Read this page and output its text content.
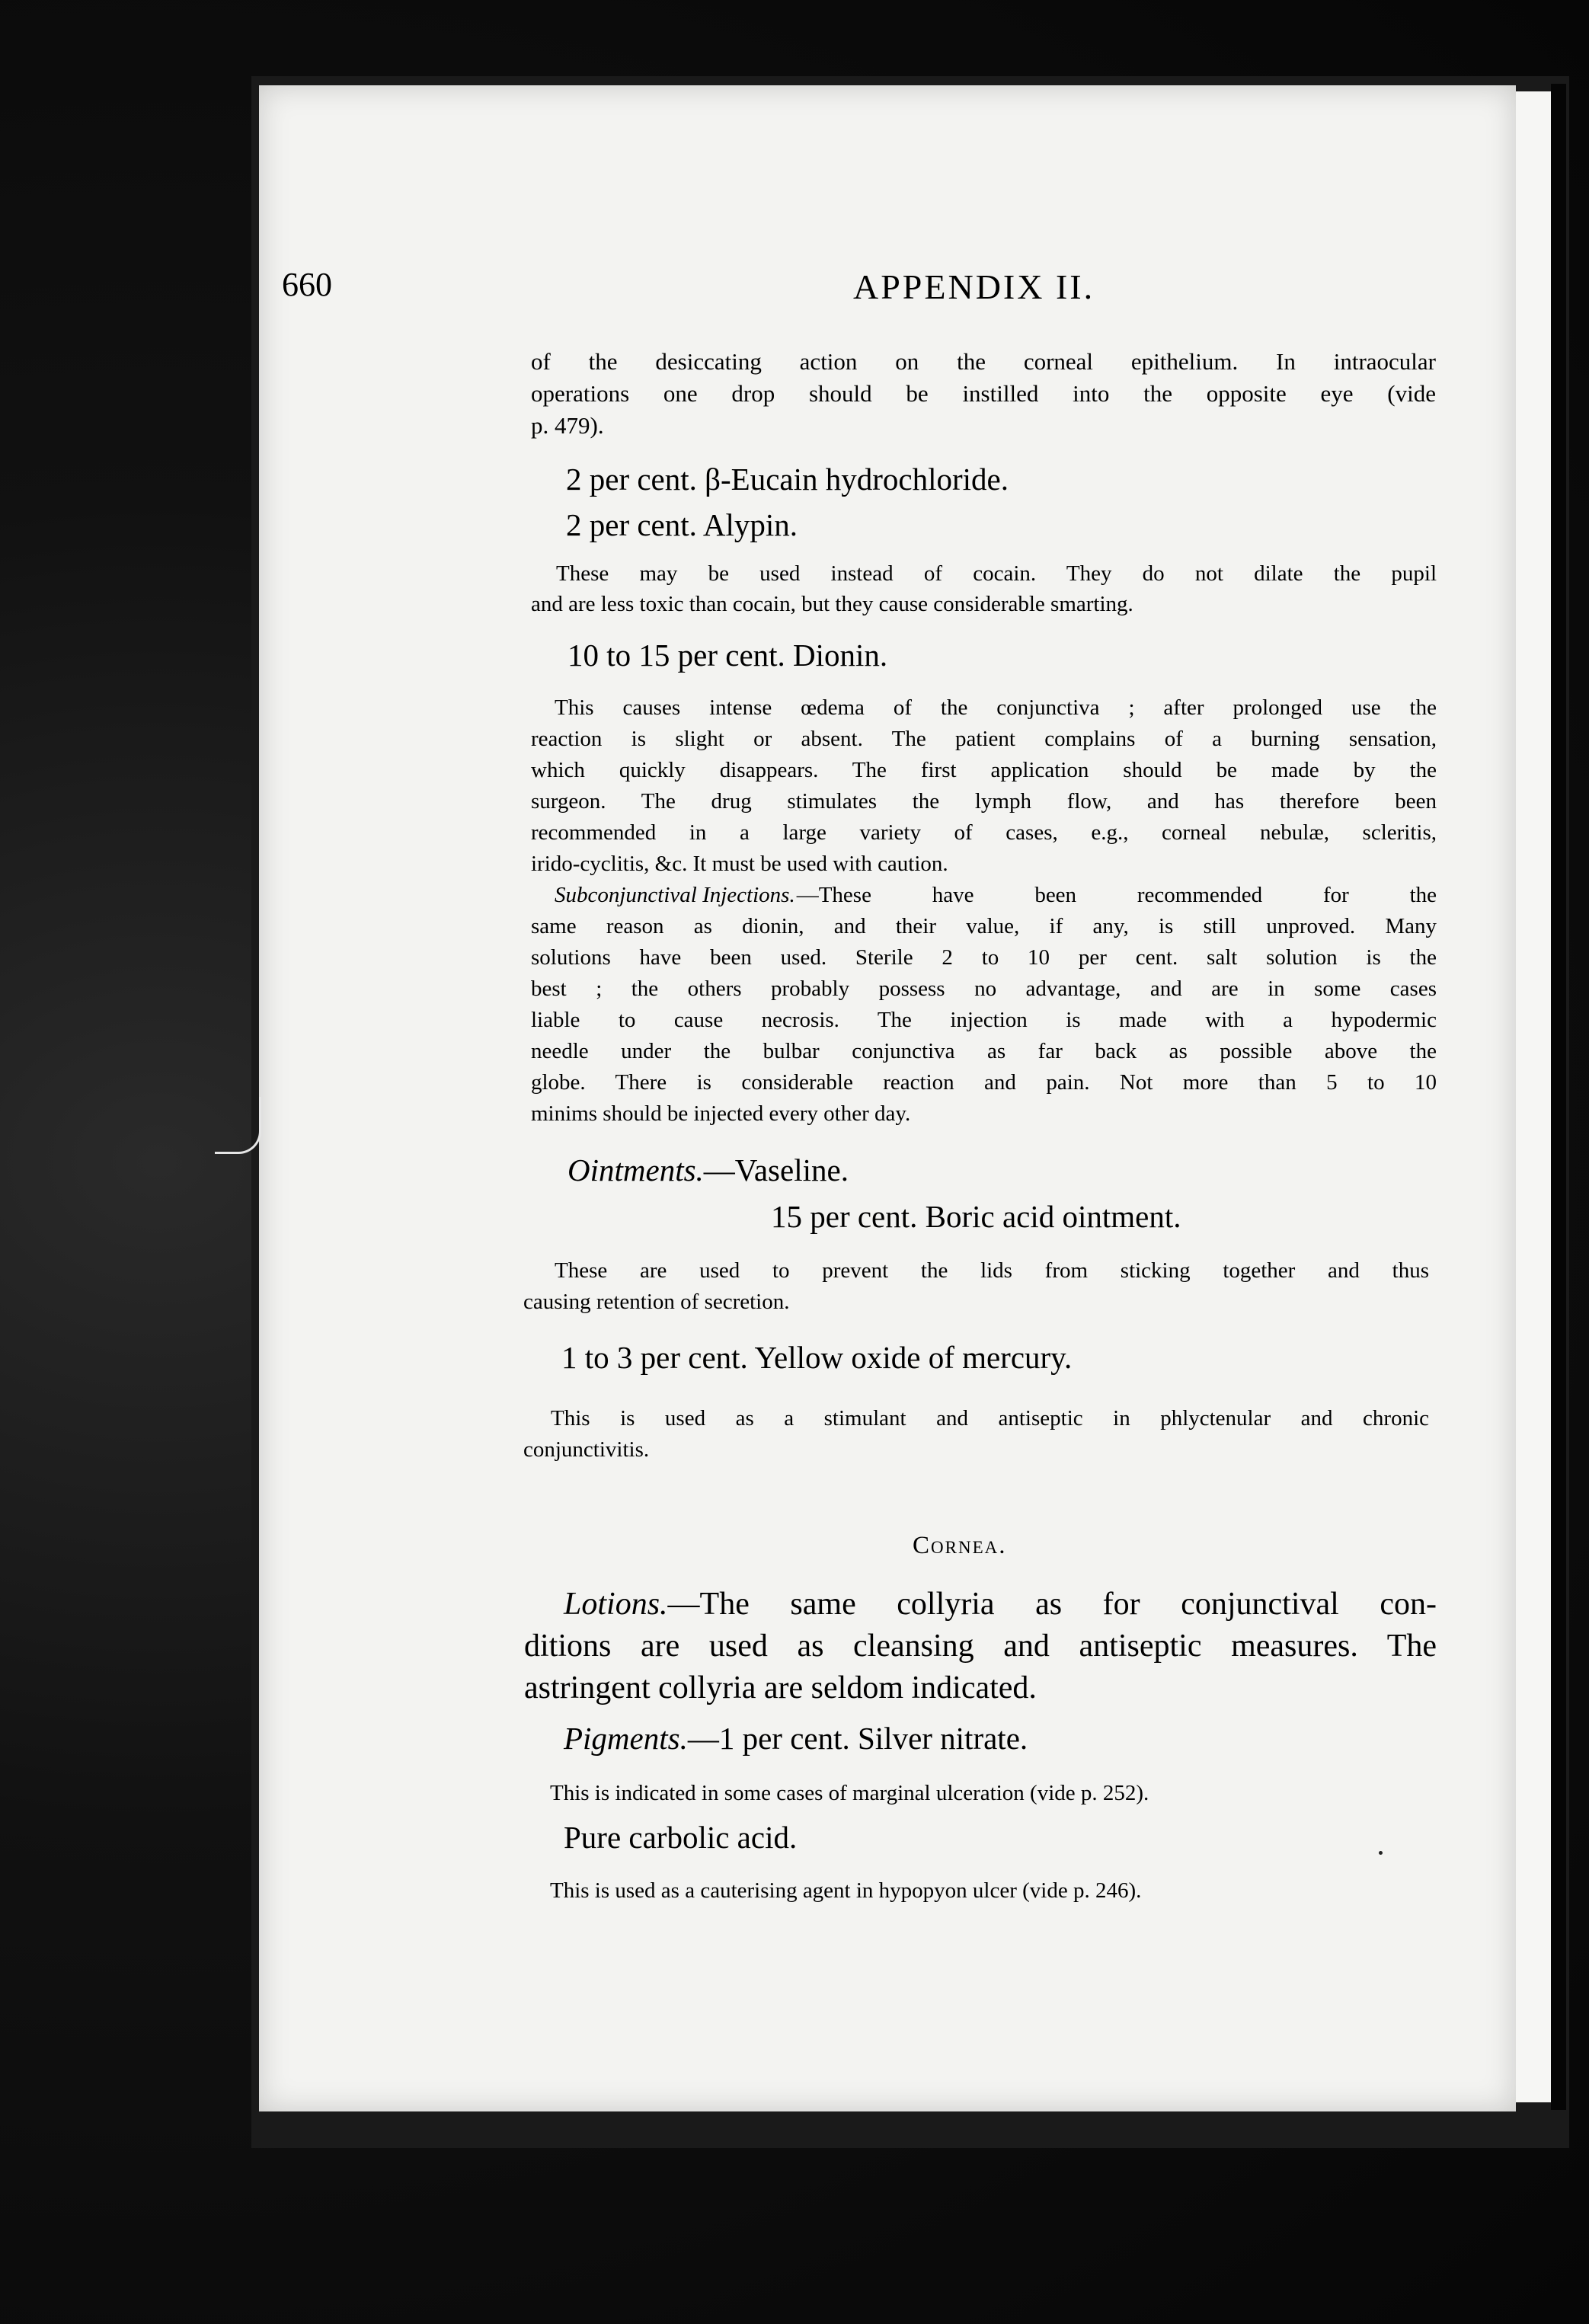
660	APPENDIX II.
of the desiccating action on the corneal epithelium. In intraocular
operations one drop should be instilled into the opposite eye (vide
p. 479).
2 per cent. β-Eucain hydrochloride.
2 per cent. Alypin.
These may be used instead of cocain. They do not dilate the pupil
and are less toxic than cocain, but they cause considerable smarting.
10 to 15 per cent. Dionin.
This causes intense œdema of the conjunctiva ; after prolonged use the
reaction is slight or absent. The patient complains of a burning sensation,
which quickly disappears. The first application should be made by the
surgeon. The drug stimulates the lymph flow, and has therefore been
recommended in a large variety of cases, e.g., corneal nebulæ, scleritis,
irido-cyclitis, &c. It must be used with caution.
Subconjunctival Injections. —These have been recommended for the
same reason as dionin, and their value, if any, is still unproved. Many
solutions have been used. Sterile 2 to 10 per cent. salt solution is the
best ; the others probably possess no advantage, and are in some cases
liable to cause necrosis. The injection is made with a hypodermic
needle under the bulbar conjunctiva as far back as possible above the
globe. There is considerable reaction and pain. Not more than 5 to 10
minims should be injected every other day.
Ointments.—Vaseline.
15 per cent. Boric acid ointment.
These are used to prevent the lids from sticking together and thus
causing retention of secretion.
1 to 3 per cent. Yellow oxide of mercury.
This is used as a stimulant and antiseptic in phlyctenular and chronic
conjunctivitis.
Cornea.
Lotions. —The same collyria as for conjunctival con-
ditions are used as cleansing and antiseptic measures. The
astringent collyria are seldom indicated.
Pigments.—1 per cent. Silver nitrate.
This is indicated in some cases of marginal ulceration (vide p. 252).
Pure carbolic acid.
This is used as a cauterising agent in hypopyon ulcer (vide p. 246).
